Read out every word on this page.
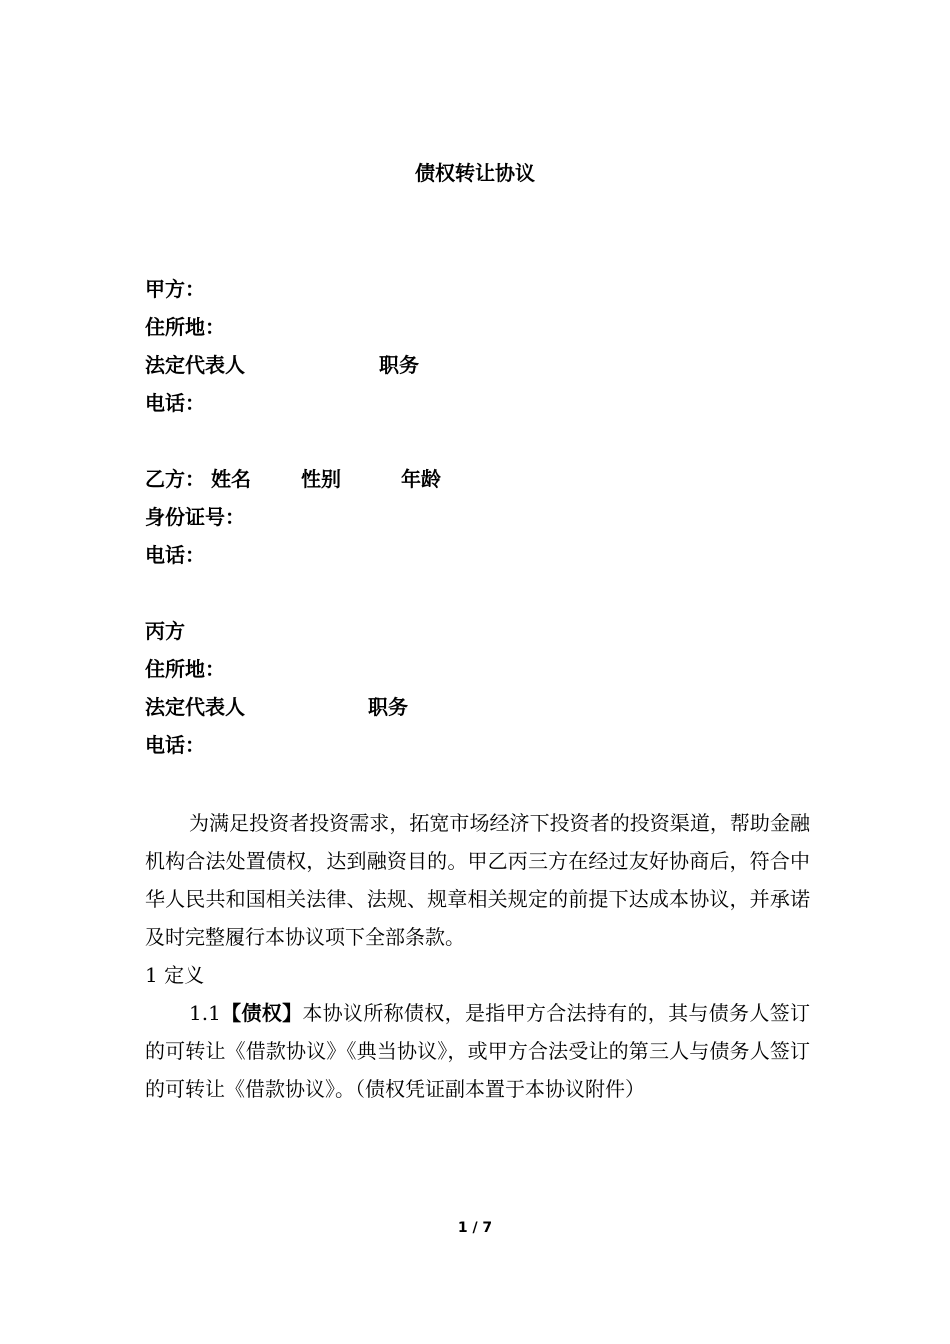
债权转让协议
甲方：
住所地：
法定代表人	职务
电话：
乙方： 姓名	性别	年龄
身份证号：
电话：
丙方
住所地：
法定代表人	职务
电话：
为满足投资者投资需求，拓宽市场经济下投资者的投资渠道，帮助金融机构合法处置债权，达到融资目的。甲乙丙三方在经过友好协商后，符合中华人民共和国相关法律、法规、规章相关规定的前提下达成本协议，并承诺及时完整履行本协议项下全部条款。
1 定义
1.1【债权】本协议所称债权，是指甲方合法持有的，其与债务人签订的可转让《借款协议》《典当协议》，或甲方合法受让的第三人与债务人签订的可转让《借款协议》。（债权凭证副本置于本协议附件）
1 / 7
